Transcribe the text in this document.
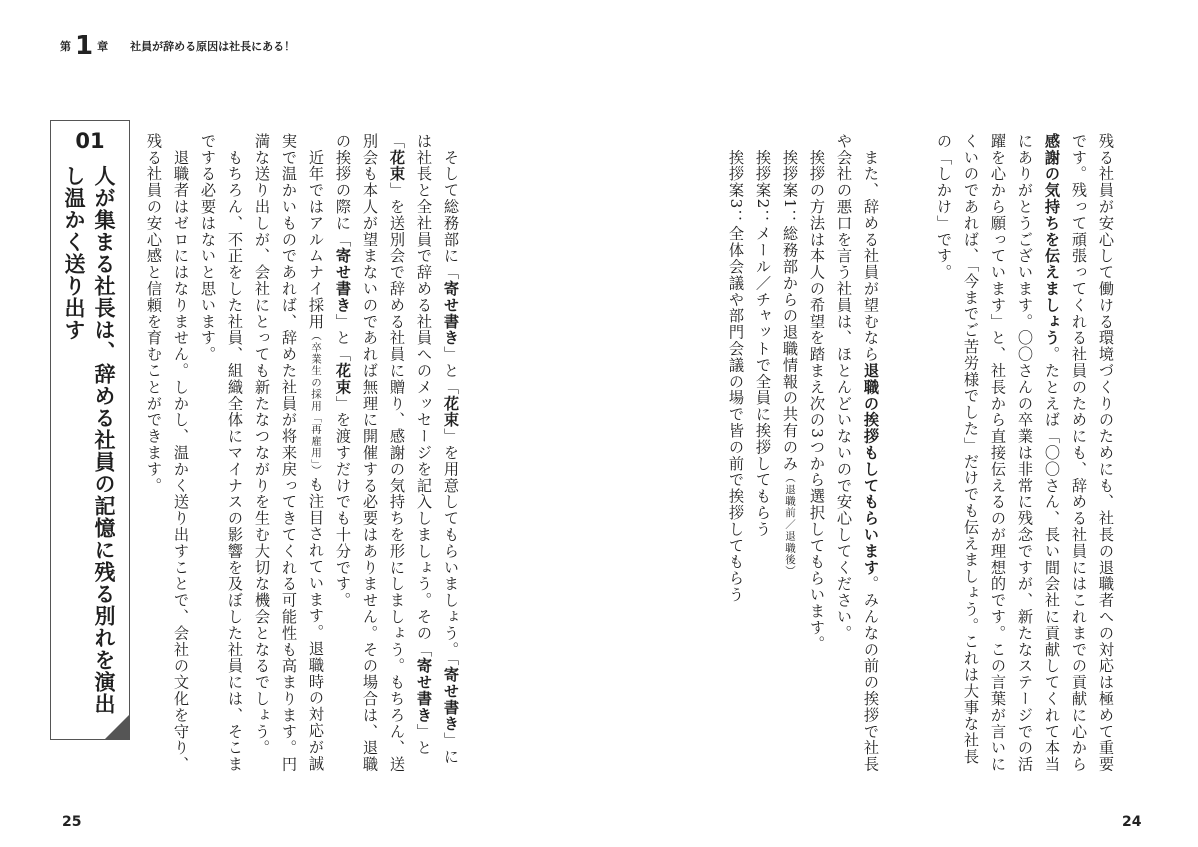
第 1 章 社員が辞める原因は社長にある！
残る社員が安心して働ける環境づくりのためにも、社長の退職者への対応は極めて重要です。残って頑張ってくれる社員のためにも、辞める社員にはこれまでの貢献に心から感謝の気持ちを伝えましょう。たとえば「〇〇さん、長い間会社に貢献してくれて本当にありがとうございます。〇〇さんの卒業は非常に残念ですが、新たなステージでの活躍を心から願っています」と、社長から直接伝えるのが理想的です。この言葉が言いにくいのであれば、「今までご苦労様でした」だけでも伝えましょう。これは大事な社長の「しかけ」です。
　また、辞める社員が望むなら退職の挨拶もしてもらいます。みんなの前の挨拶で社長や会社の悪口を言う社員は、ほとんどいないので安心してください。
　挨拶の方法は本人の希望を踏まえ次の3つから選択してもらいます。
　挨拶案1：総務部からの退職情報の共有のみ（退職前／退職後）
　挨拶案2：メール／チャットで全員に挨拶してもらう
　挨拶案3：全体会議や部門会議の場で皆の前で挨拶してもらう
　そして総務部に「寄せ書き」と「花束」を用意してもらいましょう。「寄せ書き」には社長と全社員で辞める社員へのメッセージを記入しましょう。その「寄せ書き」と「花束」を送別会で辞める社員に贈り、感謝の気持ちを形にしましょう。もちろん、送別会も本人が望まないのであれば無理に開催する必要はありません。その場合は、退職の挨拶の際に「寄せ書き」と「花束」を渡すだけでも十分です。
　近年ではアルムナイ採用（卒業生の採用「再雇用」）も注目されています。退職時の対応が誠実で温かいものであれば、辞めた社員が将来戻ってきてくれる可能性も高まります。円満な送り出しが、会社にとっても新たなつながりを生む大切な機会となるでしょう。
　もちろん、不正をした社員、組織全体にマイナスの影響を及ぼした社員には、そこまでする必要はないと思います。
　退職者はゼロにはなりません。しかし、温かく送り出すことで、会社の文化を守り、残る社員の安心感と信頼を育むことができます。
01
人が集まる社長は、辞める社員の記憶に残る別れを演出し温かく送り出す
25	24
